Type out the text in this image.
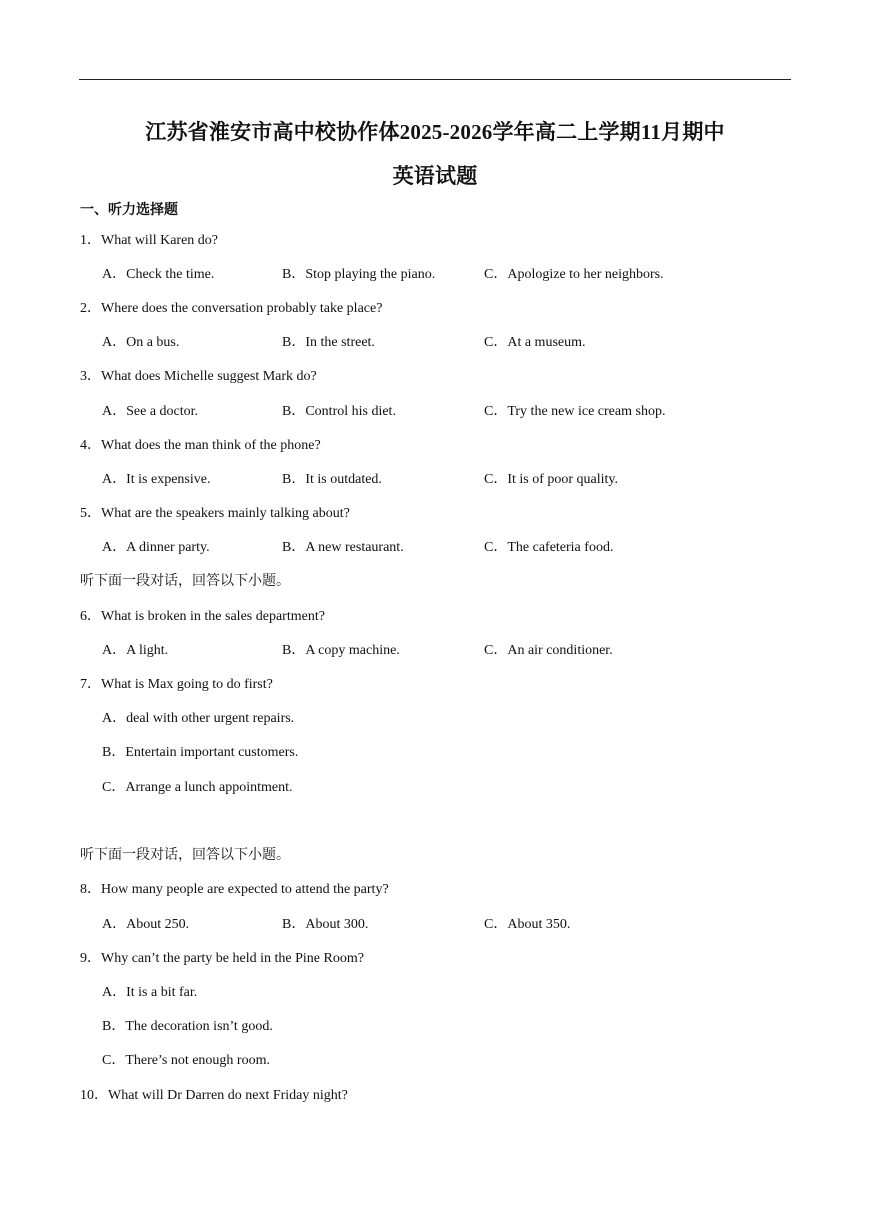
江苏省淮安市高中校协作体2025-2026学年高二上学期11月期中
英语试题
一、听力选择题
1．What will Karen do?
A．Check the time.	B．Stop playing the piano.	C．Apologize to her neighbors.
2．Where does the conversation probably take place?
A．On a bus.	B．In the street.	C．At a museum.
3．What does Michelle suggest Mark do?
A．See a doctor.	B．Control his diet.	C．Try the new ice cream shop.
4．What does the man think of the phone?
A．It is expensive.	B．It is outdated.	C．It is of poor quality.
5．What are the speakers mainly talking about?
A．A dinner party.	B．A new restaurant.	C．The cafeteria food.
听下面一段对话，回答以下小题。
6．What is broken in the sales department?
A．A light.	B．A copy machine.	C．An air conditioner.
7．What is Max going to do first?
A．deal with other urgent repairs.
B．Entertain important customers.
C．Arrange a lunch appointment.
听下面一段对话，回答以下小题。
8．How many people are expected to attend the party?
A．About 250.	B．About 300.	C．About 350.
9．Why can’t the party be held in the Pine Room?
A．It is a bit far.
B．The decoration isn’t good.
C．There’s not enough room.
10．What will Dr Darren do next Friday night?
